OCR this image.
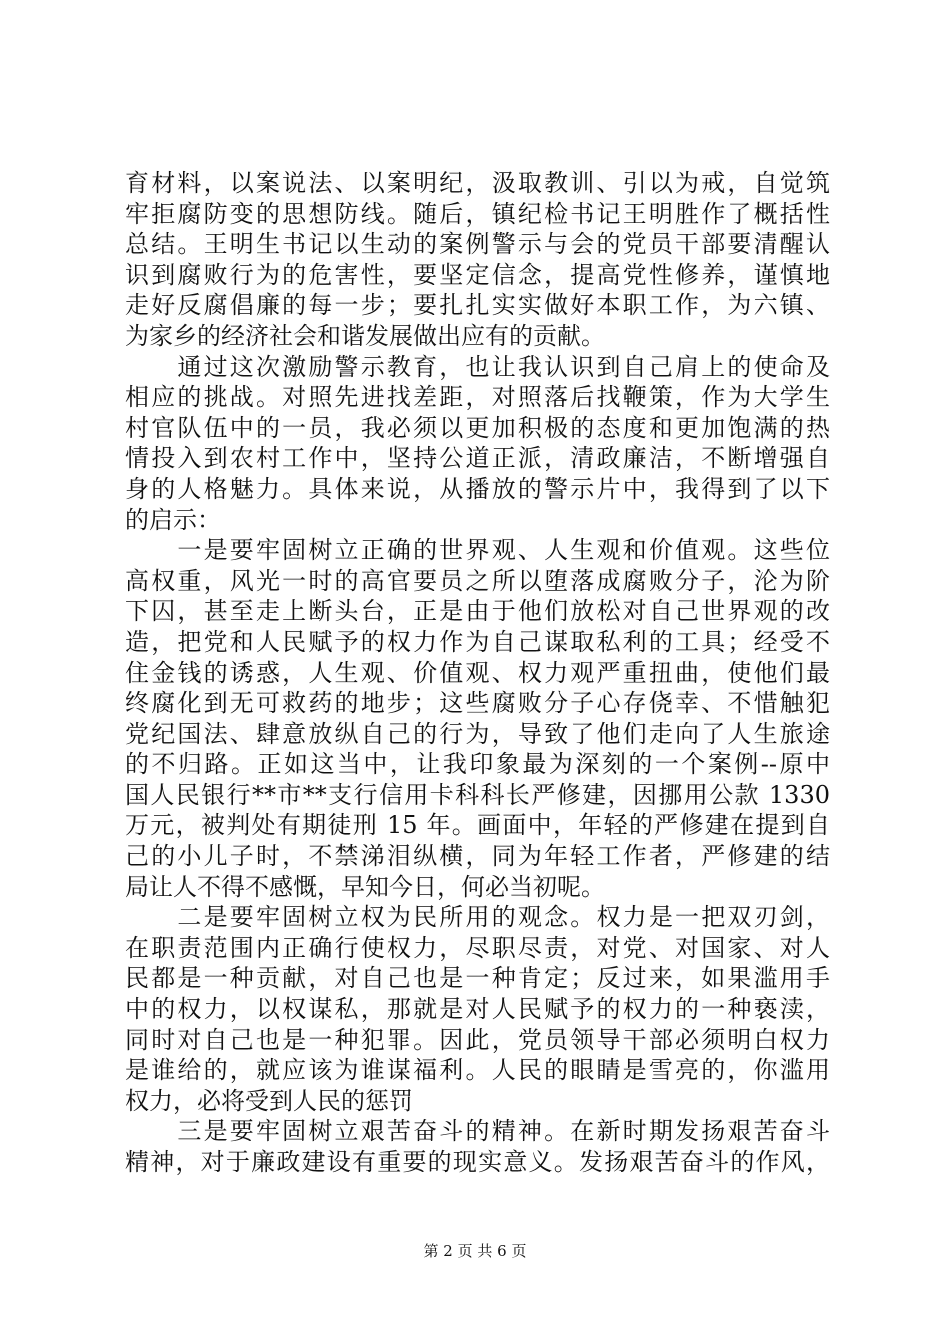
育材料，以案说法、以案明纪，汲取教训、引以为戒，自觉筑
牢拒腐防变的思想防线。随后，镇纪检书记王明胜作了概括性
总结。王明生书记以生动的案例警示与会的党员干部要清醒认
识到腐败行为的危害性，要坚定信念，提高党性修养，谨慎地
走好反腐倡廉的每一步；要扎扎实实做好本职工作，为六镇、
为家乡的经济社会和谐发展做出应有的贡献。
　　通过这次激励警示教育，也让我认识到自己肩上的使命及
相应的挑战。对照先进找差距，对照落后找鞭策，作为大学生
村官队伍中的一员，我必须以更加积极的态度和更加饱满的热
情投入到农村工作中，坚持公道正派，清政廉洁，不断增强自
身的人格魅力。具体来说，从播放的警示片中，我得到了以下
的启示：
　　一是要牢固树立正确的世界观、人生观和价值观。这些位
高权重，风光一时的高官要员之所以堕落成腐败分子，沦为阶
下囚，甚至走上断头台，正是由于他们放松对自己世界观的改
造，把党和人民赋予的权力作为自己谋取私利的工具；经受不
住金钱的诱惑，人生观、价值观、权力观严重扭曲，使他们最
终腐化到无可救药的地步；这些腐败分子心存侥幸、不惜触犯
党纪国法、肆意放纵自己的行为，导致了他们走向了人生旅途
的不归路。正如这当中，让我印象最为深刻的一个案例--原中
国人民银行**市**支行信用卡科科长严修建，因挪用公款 1330
万元，被判处有期徒刑 15 年。画面中，年轻的严修建在提到自
己的小儿子时，不禁涕泪纵横，同为年轻工作者，严修建的结
局让人不得不感慨，早知今日，何必当初呢。
　　二是要牢固树立权为民所用的观念。权力是一把双刃剑，
在职责范围内正确行使权力，尽职尽责，对党、对国家、对人
民都是一种贡献，对自己也是一种肯定；反过来，如果滥用手
中的权力，以权谋私，那就是对人民赋予的权力的一种亵渎，
同时对自己也是一种犯罪。因此，党员领导干部必须明白权力
是谁给的，就应该为谁谋福利。人民的眼睛是雪亮的，你滥用
权力，必将受到人民的惩罚
　　三是要牢固树立艰苦奋斗的精神。在新时期发扬艰苦奋斗
精神，对于廉政建设有重要的现实意义。发扬艰苦奋斗的作风，
第 2 页 共 6 页
